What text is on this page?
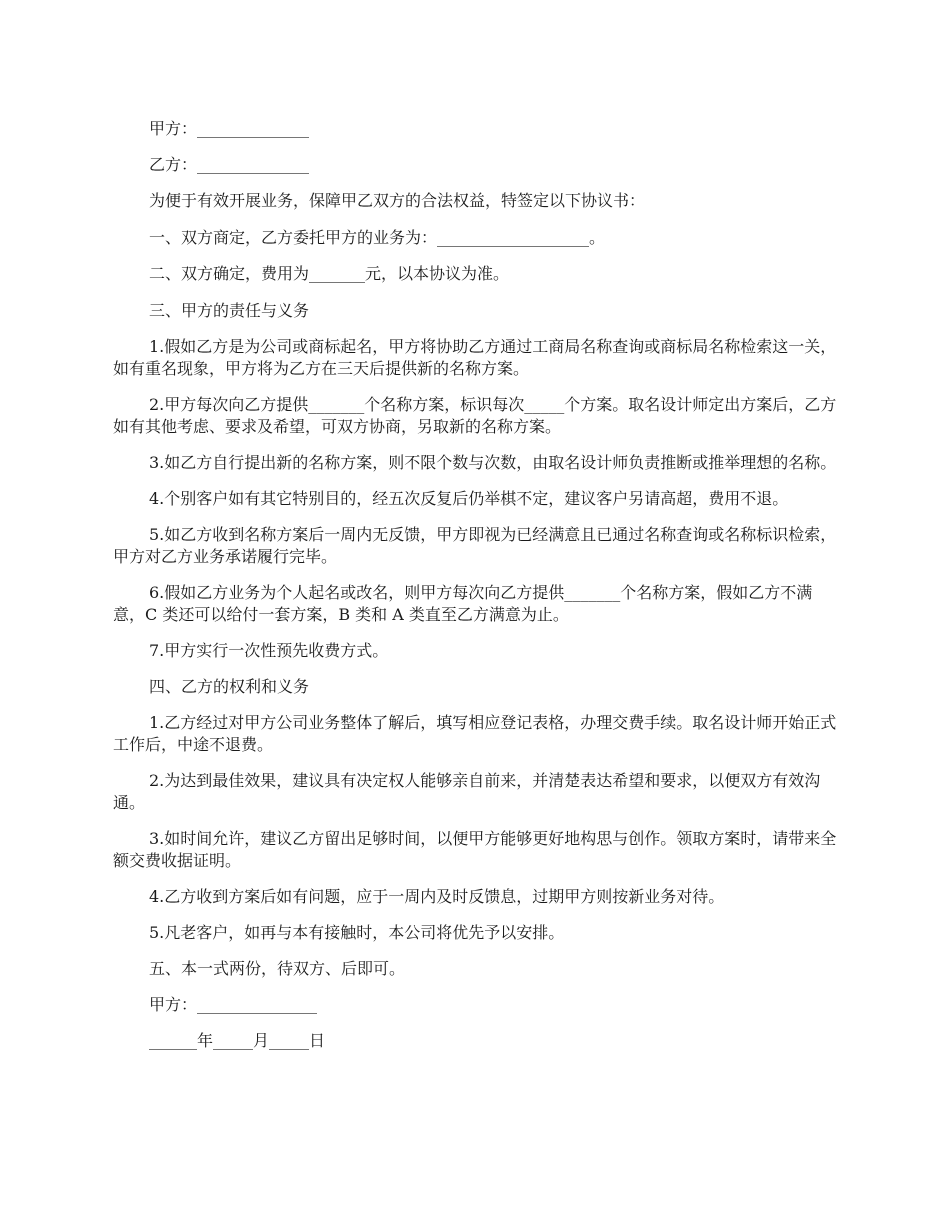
甲方：______________

乙方：______________

为便于有效开展业务，保障甲乙双方的合法权益，特签定以下协议书：

一、双方商定，乙方委托甲方的业务为：___________________。

二、双方确定，费用为_______元，以本协议为准。

三、甲方的责任与义务

1.假如乙方是为公司或商标起名，甲方将协助乙方通过工商局名称查询或商标局名称检索这一关，如有重名现象，甲方将为乙方在三天后提供新的名称方案。

2.甲方每次向乙方提供_______个名称方案，标识每次_____个方案。取名设计师定出方案后，乙方如有其他考虑、要求及希望，可双方协商，另取新的名称方案。

3.如乙方自行提出新的名称方案，则不限个数与次数，由取名设计师负责推断或推举理想的名称。

4.个别客户如有其它特别目的，经五次反复后仍举棋不定，建议客户另请高超，费用不退。

5.如乙方收到名称方案后一周内无反馈，甲方即视为已经满意且已通过名称查询或名称标识检索，甲方对乙方业务承诺履行完毕。

6.假如乙方业务为个人起名或改名，则甲方每次向乙方提供_______个名称方案，假如乙方不满意，C 类还可以给付一套方案，B 类和 A 类直至乙方满意为止。

7.甲方实行一次性预先收费方式。

四、乙方的权利和义务

1.乙方经过对甲方公司业务整体了解后，填写相应登记表格，办理交费手续。取名设计师开始正式工作后，中途不退费。

2.为达到最佳效果，建议具有决定权人能够亲自前来，并清楚表达希望和要求，以便双方有效沟通。

3.如时间允许，建议乙方留出足够时间，以便甲方能够更好地构思与创作。领取方案时，请带来全额交费收据证明。

4.乙方收到方案后如有问题，应于一周内及时反馈息，过期甲方则按新业务对待。

5.凡老客户，如再与本有接触时，本公司将优先予以安排。

五、本一式两份，待双方、后即可。

甲方：_______________

______年_____月_____日
